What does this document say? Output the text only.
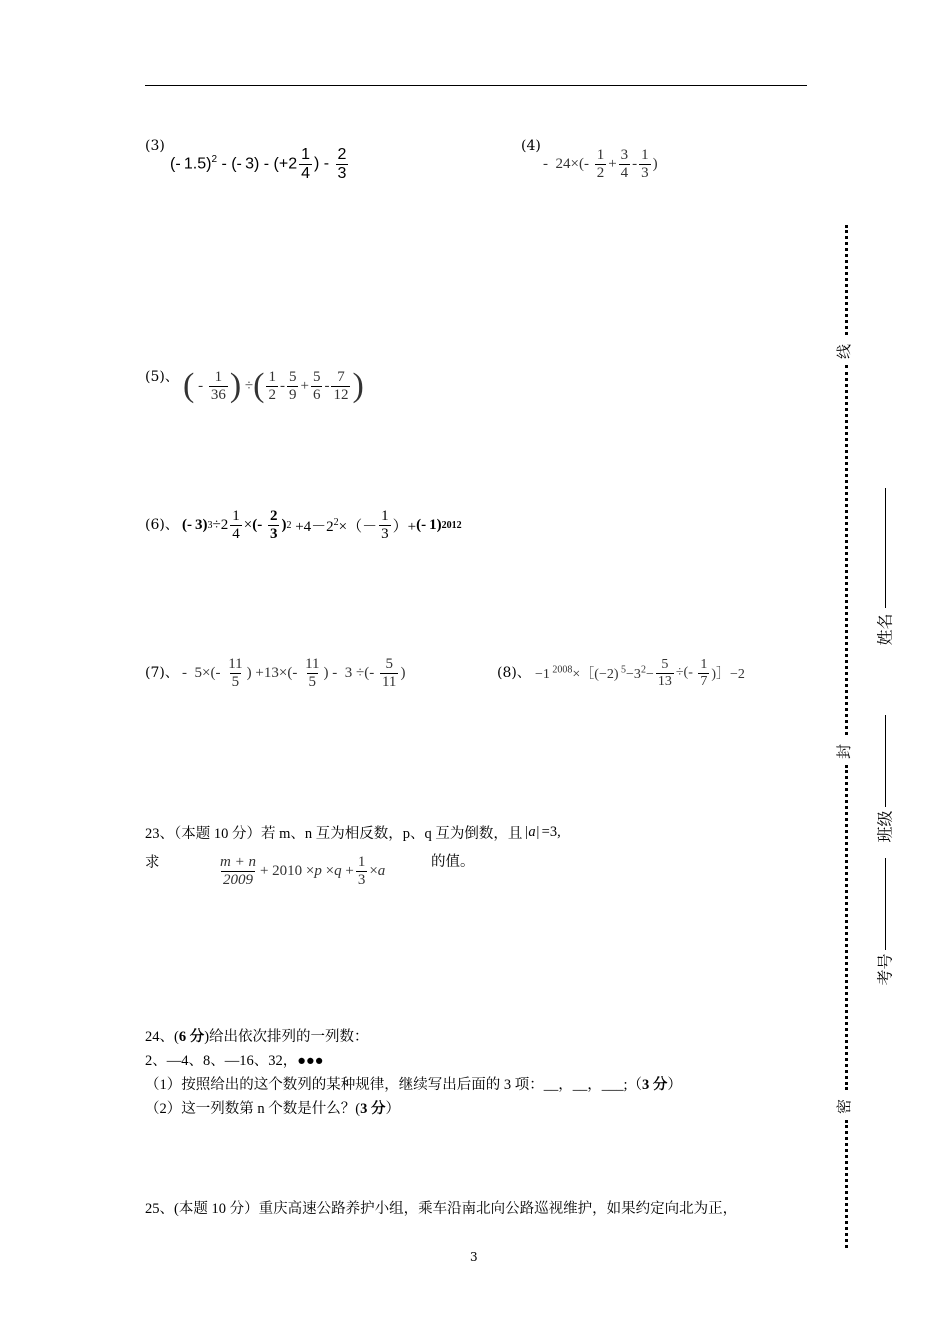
(3)
(- 1.5)$^2$ - (- $3) - (+2 \frac{1}{4}$ ) - $\frac{2}{3}$	(4)
-  $24\times(- \frac{1}{2} + \frac{3}{4} - \frac{1}{3}$ )
(5)、 ( - $\frac{1}{36}$ ) ÷ ( $\frac{1}{2} - \frac{5}{9} + \frac{5}{6} - \frac{7}{12}$ )
(6)、 (- 3) $3 \div 2 \frac{1}{4}$ × (- $\frac{2}{3}$ ) $2 +4-2^2\times(- \frac{1}{3}$ ）+ (- 1) 2012
(7)、 -  $5\times(- \frac{11}{5}$ ) $+13\times(- \frac{11}{5}$ ) -  3 ÷(- $\frac{5}{11}$ )	(8)、 −1 $^{2008}$×［(−2) $^5-3^2- \frac{5}{13}$ ÷(- $\frac{1}{7}$ )］−2
23、（本题 10 分）若 m、n 互为相反数，p、q 互为倒数，且 |a| =3,
求	$\frac{m + n}{2009} + 2010 \times p \times q + \frac{1}{3} \times a$
的值。
24、(6 分)给出依次排列的一列数：
2、—4、8、—16、32，●●●
（1）按照给出的这个数列的某种规律，继续写出后面的 3 项：__，__，___;（3 分）
（2）这一列数第 n 个数是什么？(3 分）
25、(本题 10 分）重庆高速公路养护小组，乘车沿南北向公路巡视维护，如果约定向北为正，
线
封
密
姓名
班级
考号
3
